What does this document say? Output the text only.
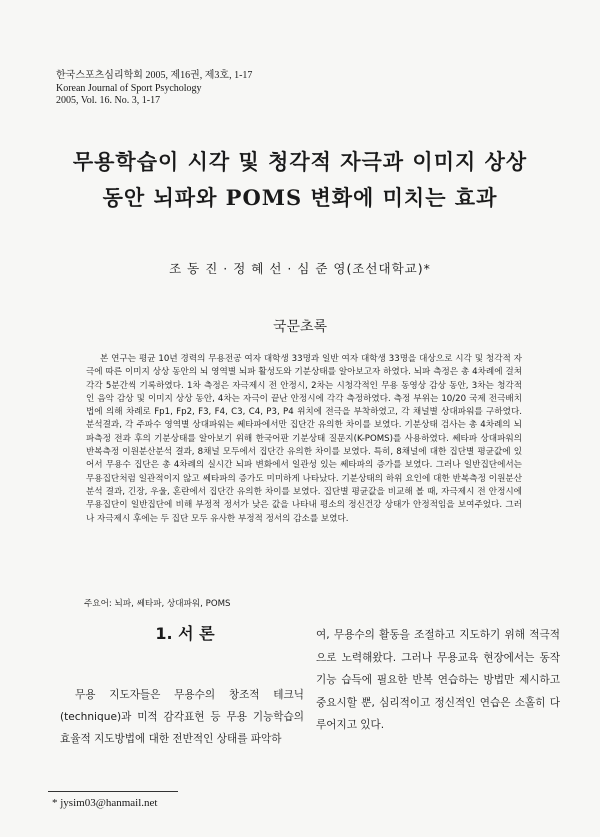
한국스포츠심리학회 2005, 제16권, 제3호, 1-17
Korean Journal of Sport Psychology
2005, Vol. 16. No. 3, 1-17
무용학습이 시각 및 청각적 자극과 이미지 상상
동안 뇌파와 POMS 변화에 미치는 효과
조 동 진 · 정 혜 선 · 심 준 영(조선대학교)*
국문초록
본 연구는 평균 10년 경력의 무용전공 여자 대학생 33명과 일반 여자 대학생 33명을 대상으로 시각 및 청각적 자극에 따른 이미지 상상 동안의 뇌 영역별 뇌파 활성도와 기분상태를 알아보고자 하였다. 뇌파 측정은 총 4차례에 걸쳐 각각 5분간씩 기록하였다. 1차 측정은 자극제시 전 안정시, 2차는 시청각적인 무용 동영상 감상 동안, 3차는 청각적인 음악 감상 및 이미지 상상 동안, 4차는 자극이 끝난 안정시에 각각 측정하였다. 측정 부위는 10/20 국제 전극배치법에 의해 차례로 Fp1, Fp2, F3, F4, C3, C4, P3, P4 위치에 전극을 부착하였고, 각 채널별 상대파워를 구하였다. 분석결과, 각 주파수 영역별 상대파워는 쎄타파에서만 집단간 유의한 차이를 보였다. 기분상태 검사는 총 4차례의 뇌파측정 전과 후의 기분상태를 알아보기 위해 한국어판 기분상태 질문지(K-POMS)를 사용하였다. 쎄타파 상대파워의 반복측정 이원분산분석 결과, 8채널 모두에서 집단간 유의한 차이를 보였다. 특히, 8채널에 대한 집단별 평균값에 있어서 무용수 집단은 총 4차례의 실시간 뇌파 변화에서 일관성 있는 쎄타파의 증가를 보였다. 그러나 일반집단에서는 무용집단처럼 일관적이지 않고 쎄타파의 증가도 미미하게 나타났다. 기분상태의 하위 요인에 대한 반복측정 이원분산분석 결과, 긴장, 우울, 혼란에서 집단간 유의한 차이를 보였다. 집단별 평균값을 비교해 볼 때, 자극제시 전 안정시에 무용집단이 일반집단에 비해 부정적 정서가 낮은 값을 나타내 평소의 정신건강 상태가 안정적임을 보여주었다. 그러나 자극제시 후에는 두 집단 모두 유사한 부정적 정서의 감소를 보였다.
주요어: 뇌파, 쎄타파, 상대파워, POMS
1. 서 론
무용 지도자들은 무용수의 창조적 테크닉(technique)과 미적 감각표현 등 무용 기능학습의 효율적 지도방법에 대한 전반적인 상태를 파악하
여, 무용수의 활동을 조절하고 지도하기 위해 적극적으로 노력해왔다. 그러나 무용교육 현장에서는 동작기능 습득에 필요한 반복 연습하는 방법만 제시하고 중요시할 뿐, 심리적이고 정신적인 연습은 소홀히 다루어지고 있다.
* jysim03@hanmail.net
